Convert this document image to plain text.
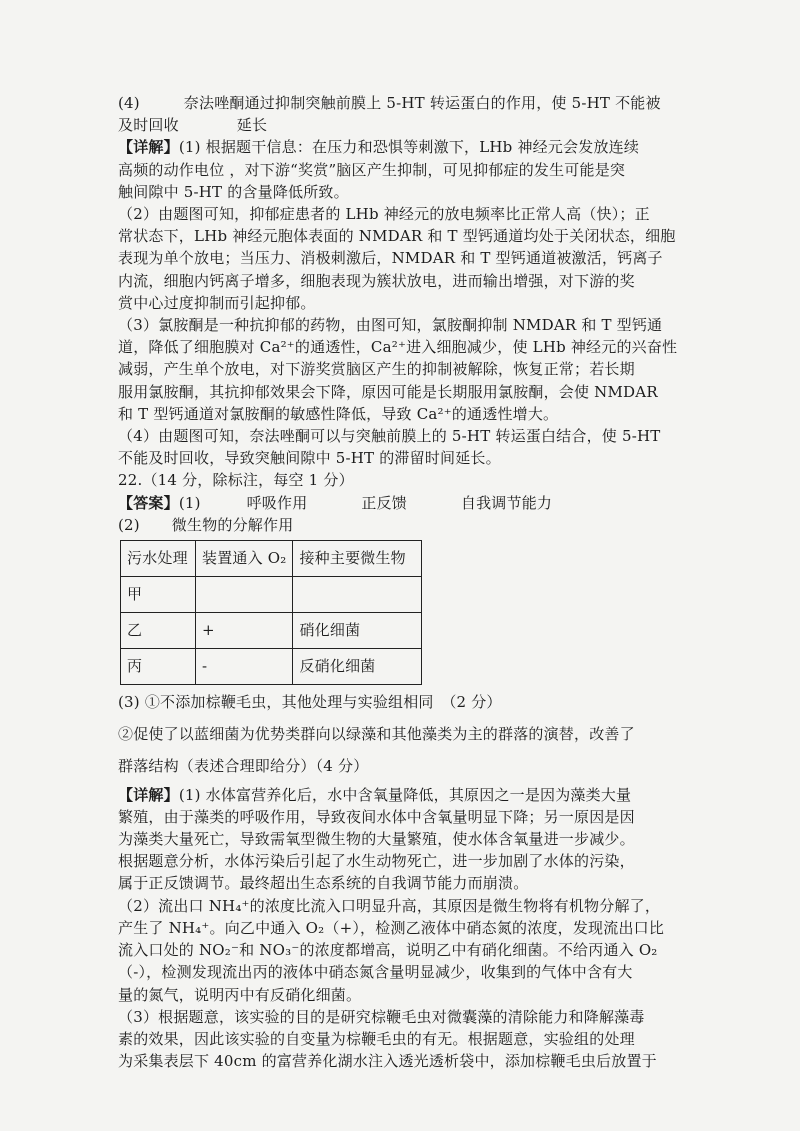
(4)	奈法唑酮通过抑制突触前膜上 5-HT 转运蛋白的作用，使 5-HT 不能被
及时回收	延长
【详解】(1) 根据题干信息：在压力和恐惧等刺激下，LHb 神经元会发放连续
高频的动作电位 ，对下游“奖赏”脑区产生抑制，可见抑郁症的发生可能是突
触间隙中 5-HT 的含量降低所致。
（2）由题图可知，抑郁症患者的 LHb 神经元的放电频率比正常人高（快）；正
常状态下，LHb 神经元胞体表面的 NMDAR 和 T 型钙通道均处于关闭状态，细胞
表现为单个放电；当压力、消极刺激后，NMDAR 和 T 型钙通道被激活，钙离子
内流，细胞内钙离子增多，细胞表现为簇状放电，进而输出增强，对下游的奖
赏中心过度抑制而引起抑郁。
（3）氯胺酮是一种抗抑郁的药物，由图可知，氯胺酮抑制 NMDAR 和 T 型钙通
道，降低了细胞膜对 Ca²⁺的通透性，Ca²⁺进入细胞减少，使 LHb 神经元的兴奋性
减弱，产生单个放电，对下游奖赏脑区产生的抑制被解除，恢复正常；若长期
服用氯胺酮，其抗抑郁效果会下降，原因可能是长期服用氯胺酮，会使 NMDAR
和 T 型钙通道对氯胺酮的敏感性降低，导致 Ca²⁺的通透性增大。
（4）由题图可知，奈法唑酮可以与突触前膜上的 5-HT 转运蛋白结合，使 5-HT
不能及时回收，导致突触间隙中 5-HT 的滞留时间延长。
22.（14 分，除标注，每空 1 分）
【答案】(1)	呼吸作用	正反馈	自我调节能力
(2) 微生物的分解作用
污水处理	装置通入 O₂	接种主要微生物
甲		
乙	+	硝化细菌
丙	-	反硝化细菌
(3) ①不添加棕鞭毛虫，其他处理与实验组相同　（2 分）
②促使了以蓝细菌为优势类群向以绿藻和其他藻类为主的群落的演替，改善了
群落结构（表述合理即给分）（4 分）
【详解】(1) 水体富营养化后，水中含氧量降低，其原因之一是因为藻类大量
繁殖，由于藻类的呼吸作用，导致夜间水体中含氧量明显下降；另一原因是因
为藻类大量死亡，导致需氧型微生物的大量繁殖，使水体含氧量进一步减少。
根据题意分析，水体污染后引起了水生动物死亡，进一步加剧了水体的污染，
属于正反馈调节。最终超出生态系统的自我调节能力而崩溃。
（2）流出口 NH₄⁺的浓度比流入口明显升高，其原因是微生物将有机物分解了，
产生了 NH₄⁺。向乙中通入 O₂（+），检测乙液体中硝态氮的浓度，发现流出口比
流入口处的 NO₂⁻和 NO₃⁻的浓度都增高，说明乙中有硝化细菌。不给丙通入 O₂
（-），检测发现流出丙的液体中硝态氮含量明显减少，收集到的气体中含有大
量的氮气，说明丙中有反硝化细菌。
（3）根据题意，该实验的目的是研究棕鞭毛虫对微囊藻的清除能力和降解藻毒
素的效果，因此该实验的自变量为棕鞭毛虫的有无。根据题意，实验组的处理
为采集表层下 40cm 的富营养化湖水注入透光透析袋中，添加棕鞭毛虫后放置于
